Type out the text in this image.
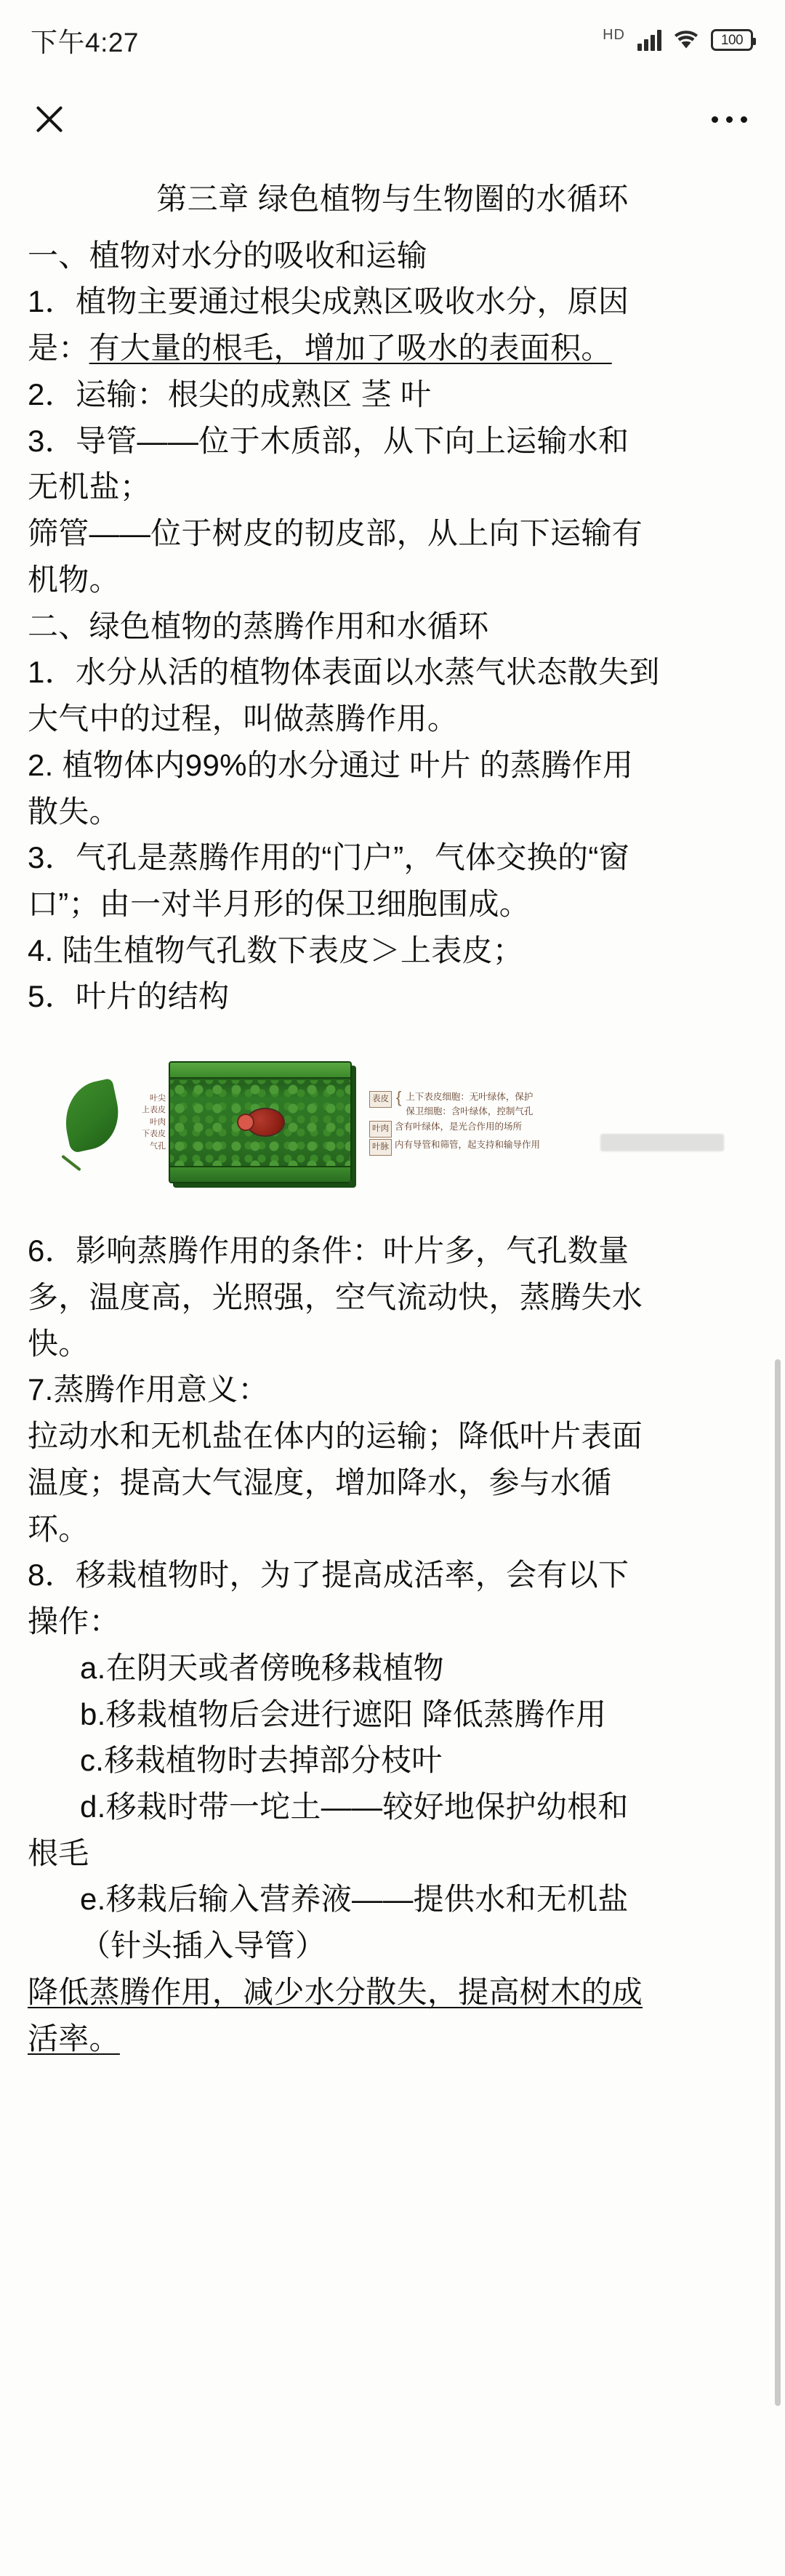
下午4:27	HD	100
第三章 绿色植物与生物圈的水循环

一、植物对水分的吸收和运输

1．植物主要通过根尖成熟区吸收水分，原因

是：有大量的根毛，增加了吸水的表面积。

2．运输：根尖的成熟区 茎 叶

3．导管——位于木质部，从下向上运输水和

无机盐；

筛管——位于树皮的韧皮部，从上向下运输有

机物。

二、绿色植物的蒸腾作用和水循环

1．水分从活的植物体表面以水蒸气状态散失到

大气中的过程，叫做蒸腾作用。

2. 植物体内99%的水分通过 叶片 的蒸腾作用

散失。

3．气孔是蒸腾作用的“门户”，气体交换的“窗

口”；由一对半月形的保卫细胞围成。

4. 陆生植物气孔数下表皮＞上表皮；

5．叶片的结构

叶尖
上表皮
叶肉
下表皮
气孔
表皮 { 上下表皮细胞：无叶绿体，保护
保卫细胞：含叶绿体，控制气孔
叶肉 含有叶绿体，是光合作用的场所
叶脉 内有导管和筛管，起支持和输导作用

6．影响蒸腾作用的条件：叶片多，气孔数量

多，温度高，光照强，空气流动快，蒸腾失水

快。

7.蒸腾作用意义：

拉动水和无机盐在体内的运输；降低叶片表面

温度；提高大气湿度，增加降水，参与水循

环。

8．移栽植物时，为了提高成活率，会有以下

操作：

a.在阴天或者傍晚移栽植物

b.移栽植物后会进行遮阳 降低蒸腾作用

c.移栽植物时去掉部分枝叶

d.移栽时带一坨土——较好地保护幼根和

根毛

e.移栽后输入营养液——提供水和无机盐

（针头插入导管）

降低蒸腾作用，减少水分散失，提高树木的成

活率。
